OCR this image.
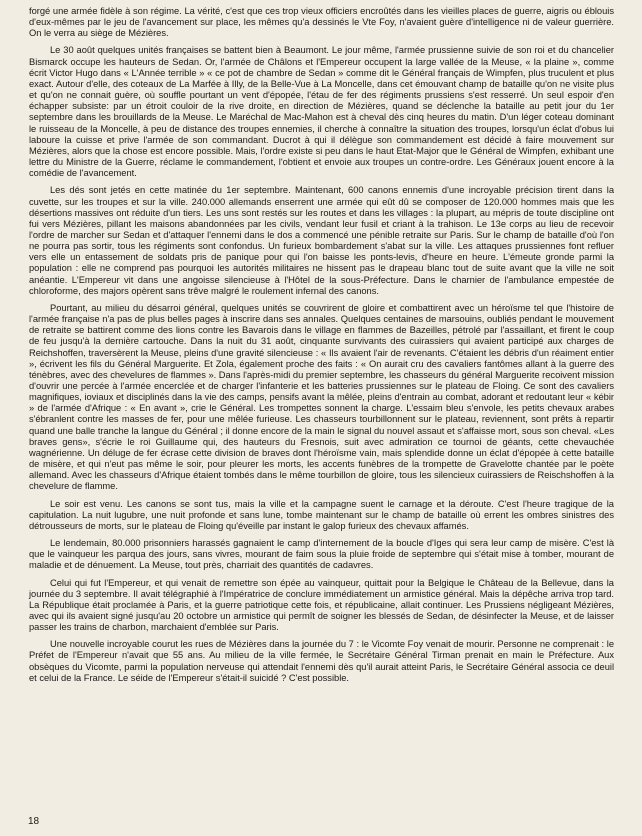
forgé une armée fidèle à son régime. La vérité, c'est que ces trop vieux officiers encroûtés dans les vieilles places de guerre, aigris ou éblouis d'eux-mêmes par le jeu de l'avancement sur place, les mêmes qu'a dessinés le Vte Foy, n'avaient guère d'intelligence ni de valeur guerrière. On le verra au siège de Mézières.

Le 30 août quelques unités françaises se battent bien à Beaumont. Le jour même, l'armée prussienne suivie de son roi et du chancelier Bismarck occupe les hauteurs de Sedan. Or, l'armée de Châlons et l'Empereur occupent la large vallée de la Meuse, « la plaine », comme écrit Victor Hugo dans « L'Année terrible » « ce pot de chambre de Sedan » comme dit le Général français de Wimpfen, plus truculent et plus exact. Autour d'elle, des coteaux de La Marfée à Illy, de la Belle-Vue à La Moncelle, dans cet émouvant champ de bataille qu'on ne visite plus et qu'on ne connait guère, où souffle pourtant un vent d'épopée, l'étau de fer des régiments prussiens s'est resserré. Un seul espoir d'en échapper subsiste: par un étroit couloir de la rive droite, en direction de Mézières, quand se déclenche la bataille au petit jour du 1er septembre dans les brouillards de la Meuse. Le Maréchal de Mac-Mahon est à cheval dès cinq heures du matin. D'un léger coteau dominant le ruisseau de la Moncelle, à peu de distance des troupes ennemies, il cherche à connaître la situation des troupes, lorsqu'un éclat d'obus lui laboure la cuisse et prive l'armée de son commandant. Ducrot à qui il délègue son commandement est décidé à faire mouvement sur Mézières, alors que la chose est encore possible. Mais, l'ordre existe si peu dans le haut Etat-Major que le Général de Wimpfen, exhibant une lettre du Ministre de la Guerre, réclame le commandement, l'obtient et envoie aux troupes un contre-ordre. Les Généraux jouent encore à la comédie de l'avancement.

Les dés sont jetés en cette matinée du 1er septembre. Maintenant, 600 canons ennemis d'une incroyable précision tirent dans la cuvette, sur les troupes et sur la ville. 240.000 allemands enserrent une armée qui eût dû se composer de 120.000 hommes mais que les désertions massives ont réduite d'un tiers. Les uns sont restés sur les routes et dans les villages : la plupart, au mépris de toute discipline ont fui vers Mézières, pillant les maisons abandonnées par les civils, vendant leur fusil et criant à la trahison. Le 13e corps au lieu de recevoir l'ordre de marcher sur Sedan et d'attaquer l'ennemi dans le dos a commencé une pénible retraite sur Paris. Sur le champ de bataille d'où l'on ne pourra pas sortir, tous les régiments sont confondus. Un furieux bombardement s'abat sur la ville. Les attaques prussiennes font refluer vers elle un entassement de soldats pris de panique pour qui l'on baisse les ponts-levis, d'heure en heure. L'émeute gronde parmi la population : elle ne comprend pas pourquoi les autorités militaires ne hissent pas le drapeau blanc tout de suite avant que la ville ne soit anéantie. L'Empereur vit dans une angoisse silencieuse à l'Hôtel de la sous-Préfecture. Dans le charnier de l'ambulance empestée de chloroforme, des majors opèrent sans trêve malgré le roulement infernal des canons.

Pourtant, au milieu du désarroi général, quelques unités se couvrirent de gloire et combattirent avec un héroïsme tel que l'histoire de l'armée française n'a pas de plus belles pages à inscrire dans ses annales. Quelques centaines de marsouins, oubliés pendant le mouvement de retraite se battirent comme des lions contre les Bavarois dans le village en flammes de Bazeilles, pétrolé par l'assaillant, et firent le coup de feu jusqu'à la dernière cartouche. Dans la nuit du 31 août, cinquante survivants des cuirassiers qui avaient participé aux charges de Reichshoffen, traversèrent la Meuse, pleins d'une gravité silencieuse : « Ils avaient l'air de revenants. C'étaient les débris d'un réaiment entier », écrivent les fils du Général Marguerite. Et Zola, également proche des faits : « On aurait cru des cavaliers fantômes allant à la guerre des ténèbres, avec des chevelures de flammes ». Dans l'après-midi du premier septembre, les chasseurs du général Marguerite recoivent mission d'ouvrir une percée à l'armée encerclée et de charger l'infanterie et les batteries prussiennes sur le plateau de Floing. Ce sont des cavaliers magnifiques, ioviaux et disciplinés dans la vie des camps, pensifs avant la mêlée, pleins d'entrain au combat, adorant et redoutant leur « kébir » de l'armée d'Afrique : « En avant », crie le Général. Les trompettes sonnent la charge. L'essaim bleu s'envole, les petits chevaux arabes s'ébranlent contre les masses de fer, pour une mêlée furieuse. Les chasseurs tourbillonnent sur le plateau, reviennent, sont prêts à repartir quand une balle tranche la langue du Général ; il donne encore de la main le signal du nouvel assaut et s'affaisse mort, sous son cheval. «Les braves gens», s'écrie le roi Guillaume qui, des hauteurs du Fresnois, suit avec admiration ce tournoi de géants, cette chevauchée wagnérienne. Un déluge de fer écrase cette division de braves dont l'héroïsme vain, mais splendide donne un éclat d'épopée à cette bataille de misère, et qui n'eut pas même le soir, pour pleurer les morts, les accents funèbres de la trompette de Gravelotte chantée par le poète allemand. Avec les chasseurs d'Afrique étaient tombés dans le même tourbillon de gloire, tous les silencieux cuirassiers de Reischshoffen à la chevelure de flamme.

Le soir est venu. Les canons se sont tus, mais la ville et la campagne suent le carnage et la déroute. C'est l'heure tragique de la capitulation. La nuit lugubre, une nuit profonde et sans lune, tombe maintenant sur le champ de bataille où errent les ombres sinistres des détrousseurs de morts, sur le plateau de Floing qu'éveille par instant le galop furieux des chevaux affamés.

Le lendemain, 80.000 prisonniers harassés gagnaient le camp d'internement de la boucle d'Iges qui sera leur camp de misère. C'est là que le vainqueur les parqua des jours, sans vivres, mourant de faim sous la pluie froide de septembre qui s'était mise à tomber, mourant de maladie et de dénuement. La Meuse, tout près, charriait des quantités de cadavres.

Celui qui fut l'Empereur, et qui venait de remettre son épée au vainqueur, quittait pour la Belgique le Château de la Bellevue, dans la journée du 3 septembre. Il avait télégraphié à l'Impératrice de conclure immédiatement un armistice général. Mais la dépêche arriva trop tard. La République était proclamée à Paris, et la guerre patriotique cette fois, et républicaine, allait continuer. Les Prussiens négligeant Mézières, avec qui ils avaient signé jusqu'au 20 octobre un armistice qui permît de soigner les blessés de Sedan, de désinfecter la Meuse, et de laisser passer les trains de charbon, marchaient d'emblée sur Paris.

Une nouvelle incroyable courut les rues de Mézières dans la journée du 7 : le Vicomte Foy venait de mourir. Personne ne comprenait : le Préfet de l'Empereur n'avait que 55 ans. Au milieu de la ville fermée, le Secrétaire Général Tirman prenait en main le Préfecture. Aux obsèques du Vicomte, parmi la population nerveuse qui attendait l'ennemi dès qu'il aurait atteint Paris, le Secrétaire Général associa ce deuil et celui de la France. Le séide de l'Empereur s'était-il suicidé ? C'est possible.

18
